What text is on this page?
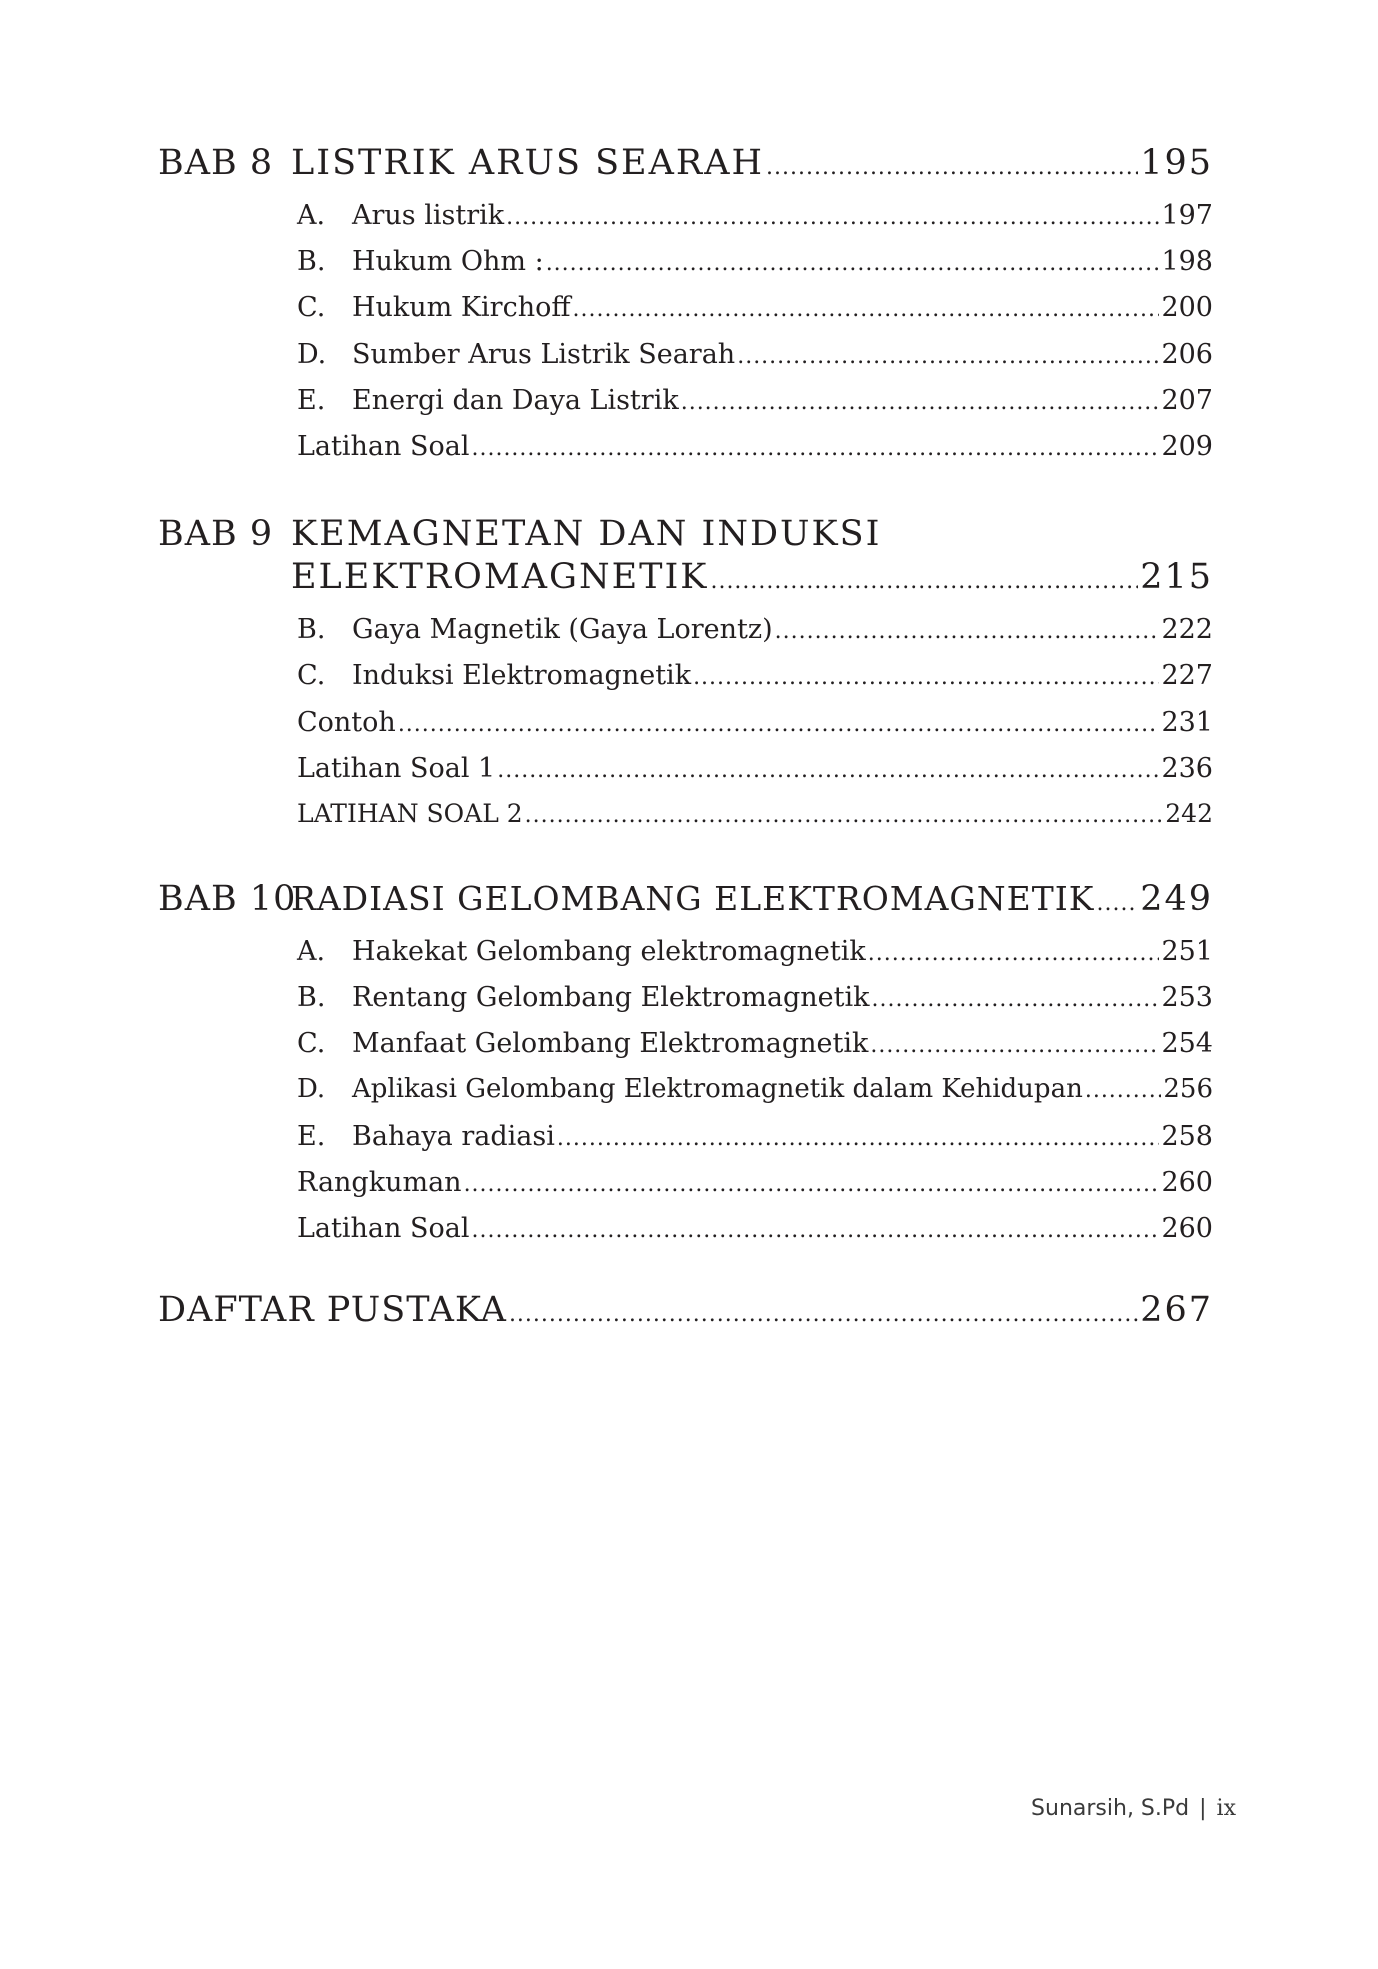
BAB 8 LISTRIK ARUS SEARAH .....	195
A. Arus listrik .....	197
B. Hukum Ohm : .....	198
C. Hukum Kirchoff .....	200
D. Sumber Arus Listrik Searah .....	206
E. Energi dan Daya Listrik .....	207
Latihan Soal .....	209
BAB 9 KEMAGNETAN DAN INDUKSI
ELEKTROMAGNETIK .....	215
B. Gaya Magnetik (Gaya Lorentz) .....	222
C. Induksi Elektromagnetik .....	227
Contoh .....	231
Latihan Soal 1 .....	236
LATIHAN SOAL 2 .....	242
BAB 10
RADIASI GELOMBANG ELEKTROMAGNETIK ..... 249
A. Hakekat Gelombang elektromagnetik .....	251
B. Rentang Gelombang Elektromagnetik .....	253
C. Manfaat Gelombang Elektromagnetik .....	254
D. Aplikasi Gelombang Elektromagnetik dalam Kehidupan .....	256
E. Bahaya radiasi .....	258
Rangkuman .....	260
Latihan Soal .....	260
DAFTAR PUSTAKA .....	267
Sunarsih, S.Pd | ix
